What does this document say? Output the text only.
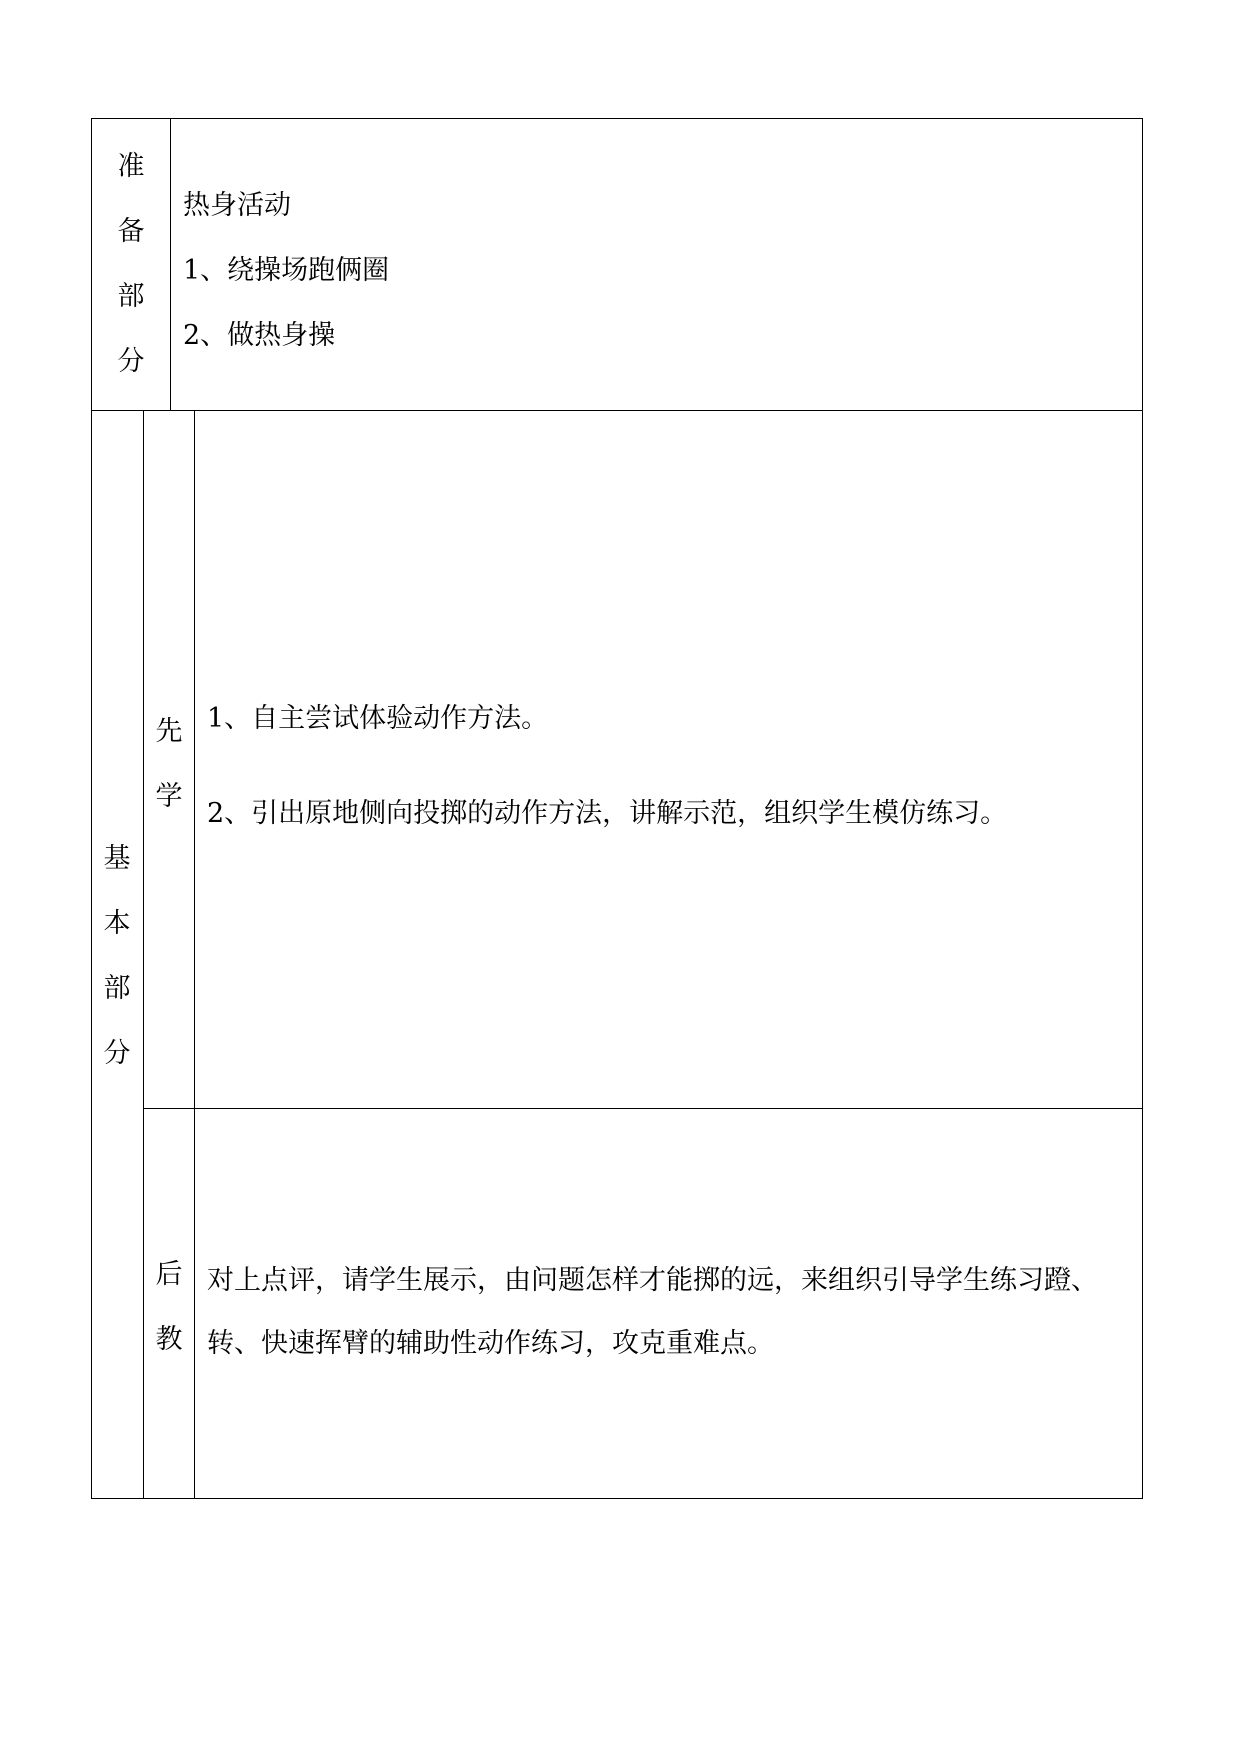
准
备
部
分
热身活动
1、绕操场跑俩圈
2、做热身操
基
本
部
分
先
学
1、自主尝试体验动作方法。
2、引出原地侧向投掷的动作方法，讲解示范，组织学生模仿练习。
后
教
对上点评，请学生展示，由问题怎样才能掷的远，来组织引导学生练习蹬、
转、快速挥臂的辅助性动作练习，攻克重难点。
